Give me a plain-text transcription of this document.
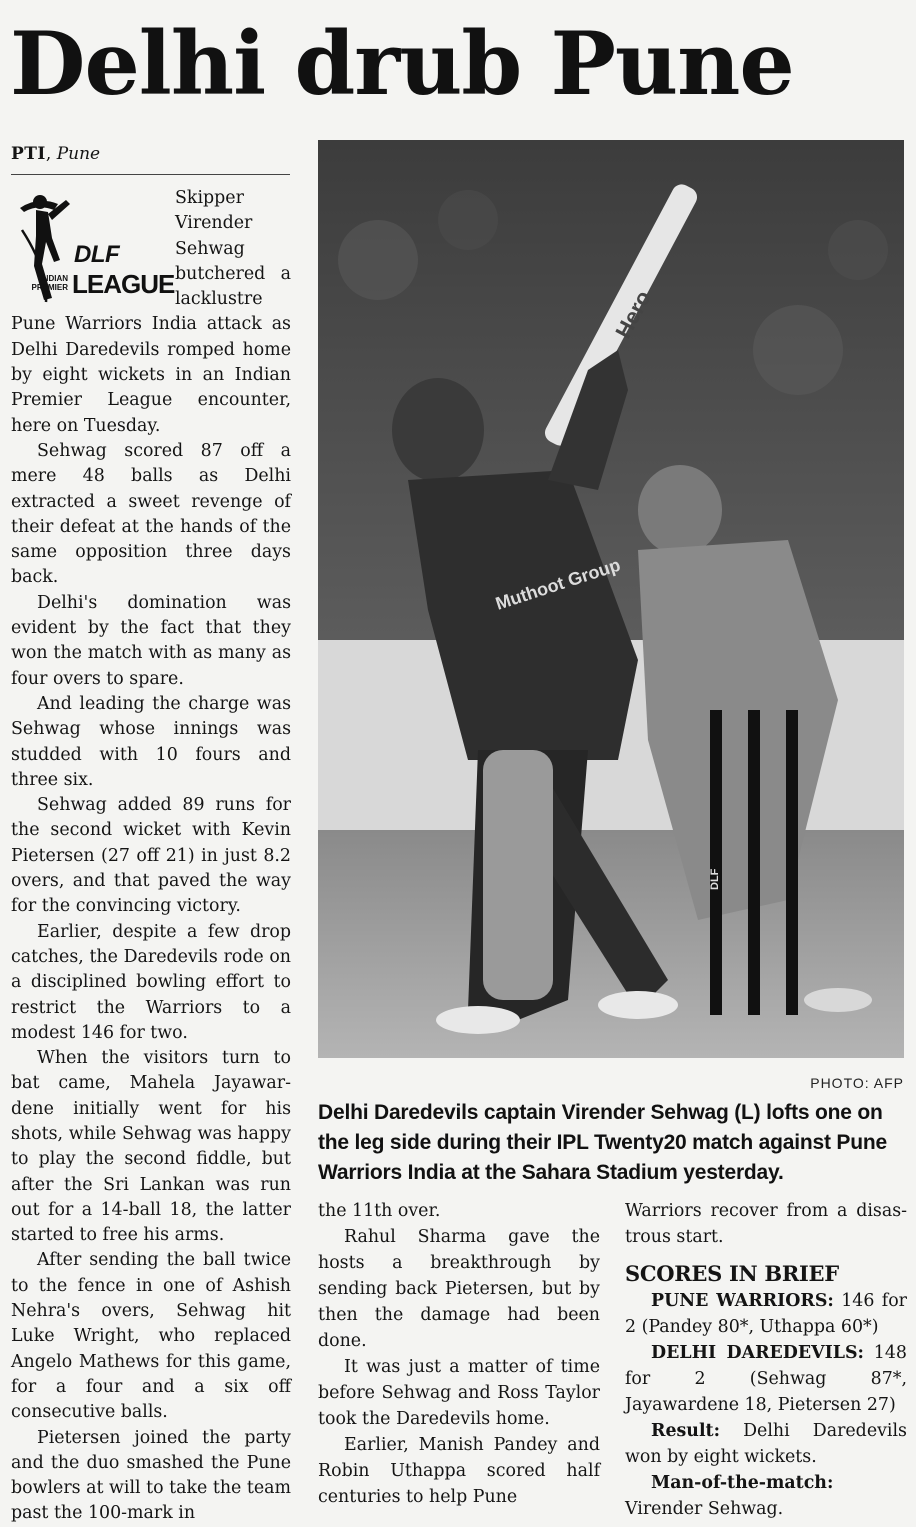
Delhi drub Pune
PTI, Pune

Skipper Virender Sehwag butchered a lacklustre Pune Warriors India attack as Delhi Daredevils romped home by eight wickets in an Indian Premier League encounter, here on Tuesday.

Sehwag scored 87 off a mere 48 balls as Delhi extracted a sweet revenge of their defeat at the hands of the same opposition three days back.

Delhi's domination was evident by the fact that they won the match with as many as four overs to spare.

And leading the charge was Sehwag whose innings was studded with 10 fours and three six.

Sehwag added 89 runs for the second wicket with Kevin Pietersen (27 off 21) in just 8.2 overs, and that paved the way for the convincing victory.

Earlier, despite a few drop catches, the Daredevils rode on a disciplined bowling effort to restrict the Warriors to a modest 146 for two.

When the visitors turn to bat came, Mahela Jayawar-dene initially went for his shots, while Sehwag was happy to play the second fiddle, but after the Sri Lankan was run out for a 14-ball 18, the latter started to free his arms.

After sending the ball twice to the fence in one of Ashish Nehra's overs, Sehwag hit Luke Wright, who replaced Angelo Mathews for this game, for a four and a six off consecutive balls.

Pietersen joined the party and the duo smashed the Pune bowlers at will to take the team past the 100-mark in

DLF
INDIAN PREMIER LEAGUE
Hero
Muthoot Group
DLF
PHOTO: AFP
Delhi Daredevils captain Virender Sehwag (L) lofts one on the leg side during their IPL Twenty20 match against Pune Warriors India at the Sahara Stadium yesterday.

the 11th over.

Rahul Sharma gave the hosts a breakthrough by sending back Pietersen, but by then the damage had been done.

It was just a matter of time before Sehwag and Ross Taylor took the Daredevils home.

Earlier, Manish Pandey and Robin Uthappa scored half centuries to help Pune

Warriors recover from a disas-trous start.

SCORES IN BRIEF

PUNE WARRIORS: 146 for 2 (Pandey 80*, Uthappa 60*)

DELHI DAREDEVILS: 148 for 2 (Sehwag 87*, Jayawardene 18, Pietersen 27)

Result: Delhi Daredevils won by eight wickets.

Man-of-the-match: Virender Sehwag.
